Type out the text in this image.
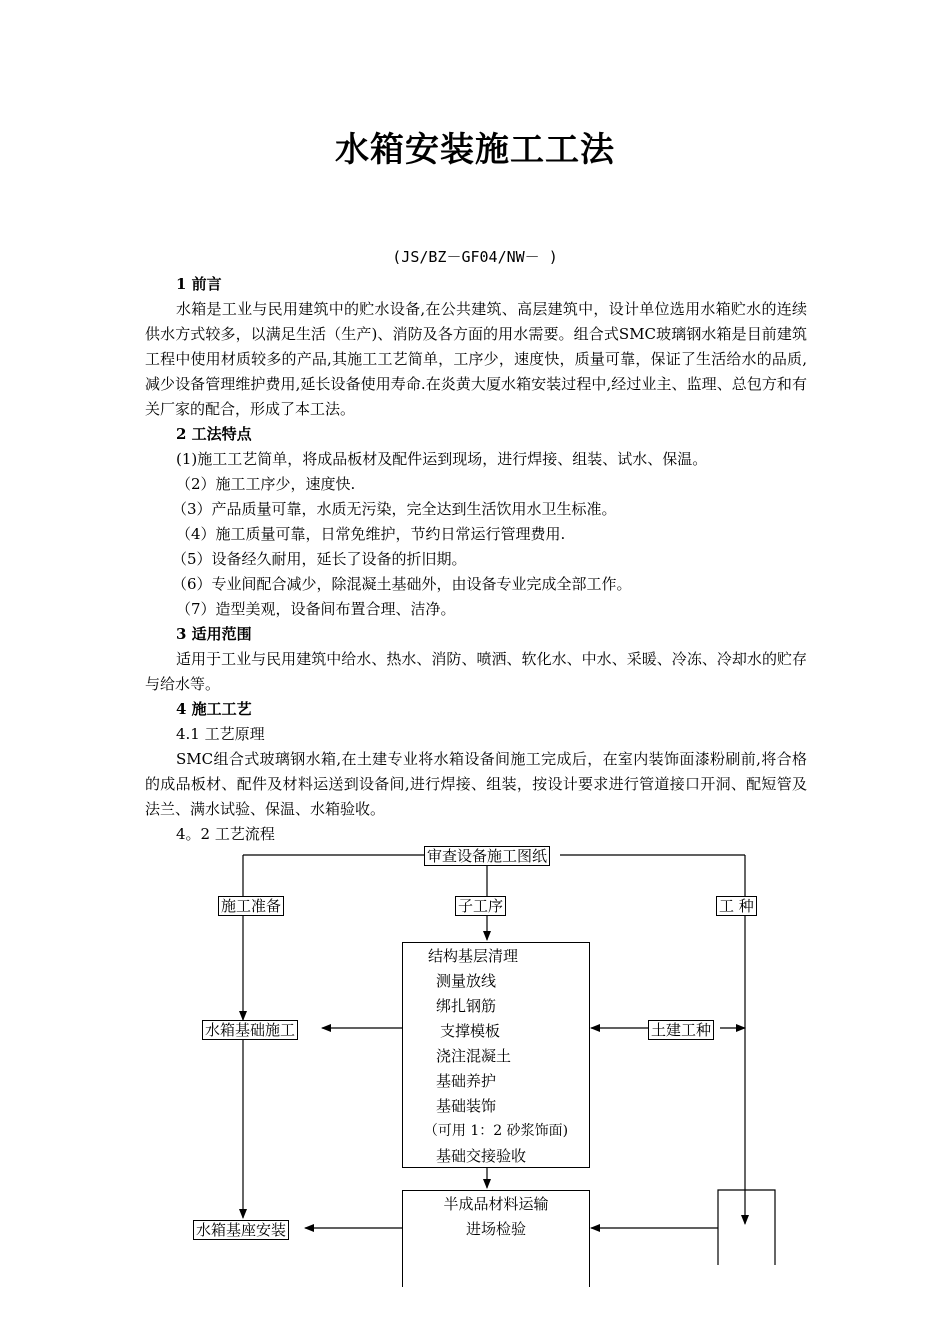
水箱安装施工工法
(JS/BZ－GF04/NW－ )

1 前言

水箱是工业与民用建筑中的贮水设备,在公共建筑、高层建筑中，设计单位选用水箱贮水的连续供水方式较多，以满足生活（生产)、消防及各方面的用水需要。组合式SMC玻璃钢水箱是目前建筑工程中使用材质较多的产品,其施工工艺简单，工序少，速度快，质量可靠，保证了生活给水的品质,减少设备管理维护费用,延长设备使用寿命.在炎黄大厦水箱安装过程中,经过业主、监理、总包方和有关厂家的配合，形成了本工法。

2 工法特点

(1)施工工艺简单，将成品板材及配件运到现场，进行焊接、组装、试水、保温。

（2）施工工序少，速度快.

（3）产品质量可靠，水质无污染，完全达到生活饮用水卫生标准。

（4）施工质量可靠，日常免维护，节约日常运行管理费用.

（5）设备经久耐用，延长了设备的折旧期。

（6）专业间配合减少，除混凝土基础外，由设备专业完成全部工作。

（7）造型美观，设备间布置合理、洁净。

3 适用范围

适用于工业与民用建筑中给水、热水、消防、喷洒、软化水、中水、采暖、冷冻、冷却水的贮存与给水等。

4 施工工艺

4.1 工艺原理

SMC组合式玻璃钢水箱,在土建专业将水箱设备间施工完成后，在室内装饰面漆粉刷前,将合格的成品板材、配件及材料运送到设备间,进行焊接、组装，按设计要求进行管道接口开洞、配短管及法兰、满水试验、保温、水箱验收。

4。2 工艺流程

审查设备施工图纸
施工准备	子工序	工 种
水箱基础施工	土建工种
水箱基座安装
结构基层清理
测量放线
绑扎钢筋
支撑模板
浇注混凝土
基础养护
基础装饰
（可用 1：2 砂浆饰面)
基础交接验收
半成品材料运输
进场检验
